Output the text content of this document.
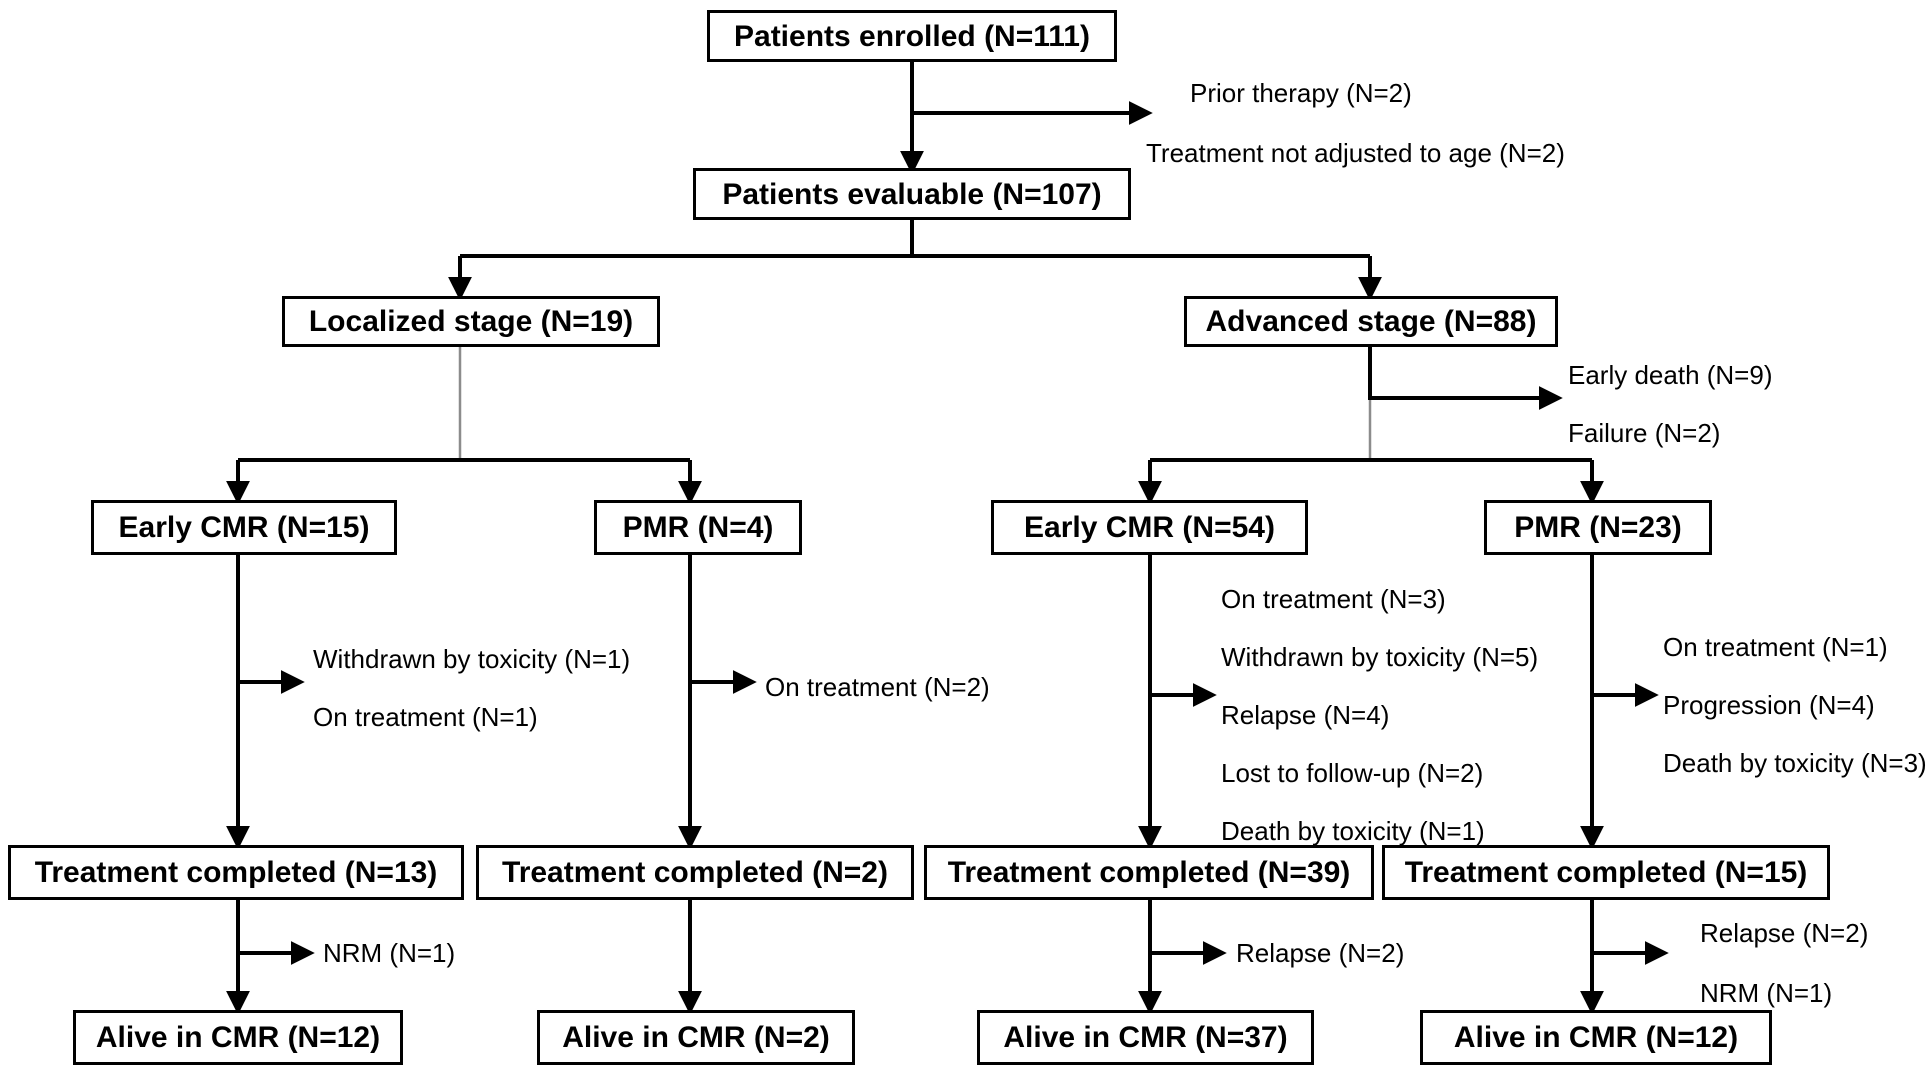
Patients enrolled (N=111)
Patients evaluable (N=107)
Localized stage (N=19)	Advanced stage (N=88)
Early CMR (N=15)	PMR (N=4)	Early CMR (N=54)	PMR (N=23)
Treatment completed (N=13) Treatment completed (N=2) Treatment completed (N=39) Treatment completed (N=15)
Alive in CMR (N=12)	Alive in CMR (N=2)	Alive in CMR (N=37)	Alive in CMR (N=12)
Prior therapy (N=2)
Treatment not adjusted to age (N=2)
Early death (N=9)
Failure (N=2)
Withdrawn by toxicity (N=1)
On treatment (N=1)
On treatment (N=2)
On treatment (N=3)
Withdrawn by toxicity (N=5)
Relapse (N=4)
Lost to follow-up (N=2)
Death by toxicity (N=1)
On treatment (N=1)
Progression (N=4)
Death by toxicity (N=3)
NRM (N=1)	Relapse (N=2)
Relapse (N=2)
NRM (N=1)
